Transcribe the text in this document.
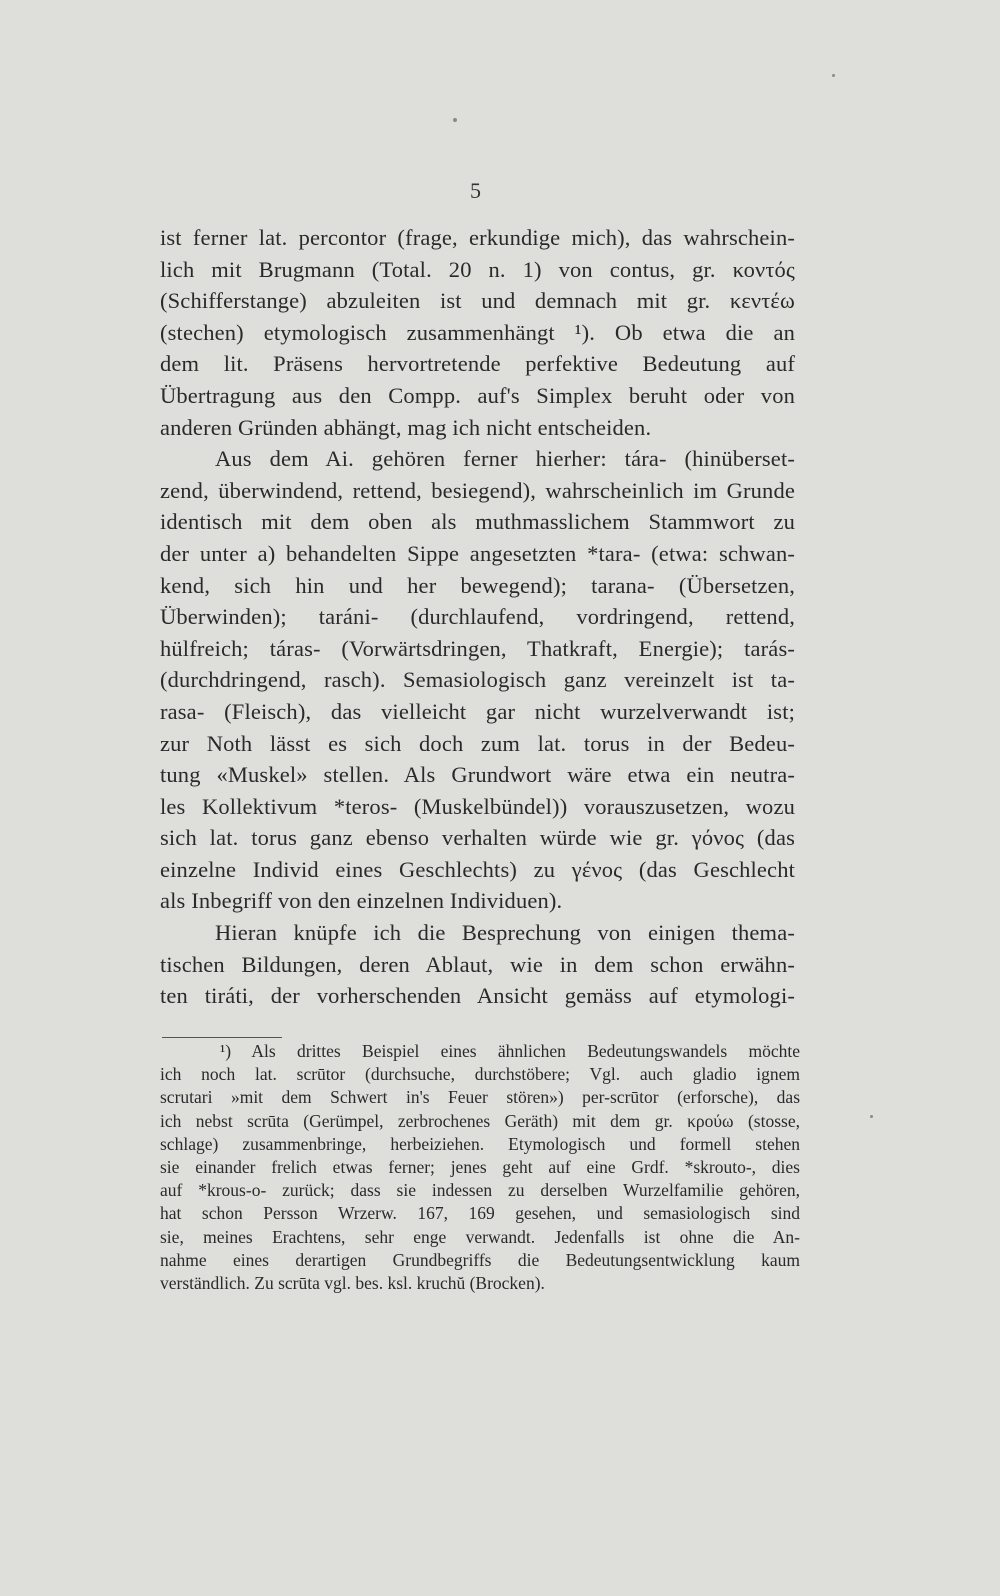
5
ist ferner lat. percontor (frage, erkundige mich), das wahrschein-
lich mit Brugmann (Total. 20 n. 1) von contus, gr. κοντός
(Schifferstange) abzuleiten ist und demnach mit gr. κεντέω
(stechen) etymologisch zusammenhängt ¹). Ob etwa die an
dem lit. Präsens hervortretende perfektive Bedeutung auf
Übertragung aus den Compp. auf's Simplex beruht oder von
anderen Gründen abhängt, mag ich nicht entscheiden.
Aus dem Ai. gehören ferner hierher: tára- (hinüberset-
zend, überwindend, rettend, besiegend), wahrscheinlich im Grunde
identisch mit dem oben als muthmasslichem Stammwort zu
der unter a) behandelten Sippe angesetzten *tara- (etwa: schwan-
kend, sich hin und her bewegend); tarana- (Übersetzen,
Überwinden); taráni- (durchlaufend, vordringend, rettend,
hülfreich; táras- (Vorwärtsdringen, Thatkraft, Energie); tarás-
(durchdringend, rasch). Semasiologisch ganz vereinzelt ist ta-
rasa- (Fleisch), das vielleicht gar nicht wurzelverwandt ist;
zur Noth lässt es sich doch zum lat. torus in der Bedeu-
tung «Muskel» stellen. Als Grundwort wäre etwa ein neutra-
les Kollektivum *teros- (Muskelbündel)) vorauszusetzen, wozu
sich lat. torus ganz ebenso verhalten würde wie gr. γόνος (das
einzelne Individ eines Geschlechts) zu γένος (das Geschlecht
als Inbegriff von den einzelnen Individuen).
Hieran knüpfe ich die Besprechung von einigen thema-
tischen Bildungen, deren Ablaut, wie in dem schon erwähn-
ten tiráti, der vorherschenden Ansicht gemäss auf etymologi-
¹) Als drittes Beispiel eines ähnlichen Bedeutungswandels möchte
ich noch lat. scrūtor (durchsuche, durchstöbere; Vgl. auch gladio ignem
scrutari »mit dem Schwert in's Feuer stören») per-scrūtor (erforsche), das
ich nebst scrūta (Gerümpel, zerbrochenes Geräth) mit dem gr. κρούω (stosse,
schlage) zusammenbringe, herbeiziehen. Etymologisch und formell stehen
sie einander frelich etwas ferner; jenes geht auf eine Grdf. *skrouto-, dies
auf *krous-o- zurück; dass sie indessen zu derselben Wurzelfamilie gehören,
hat schon Persson Wrzerw. 167, 169 gesehen, und semasiologisch sind
sie, meines Erachtens, sehr enge verwandt. Jedenfalls ist ohne die An-
nahme eines derartigen Grundbegriffs die Bedeutungsentwicklung kaum
verständlich. Zu scrūta vgl. bes. ksl. kruchŭ (Brocken).
